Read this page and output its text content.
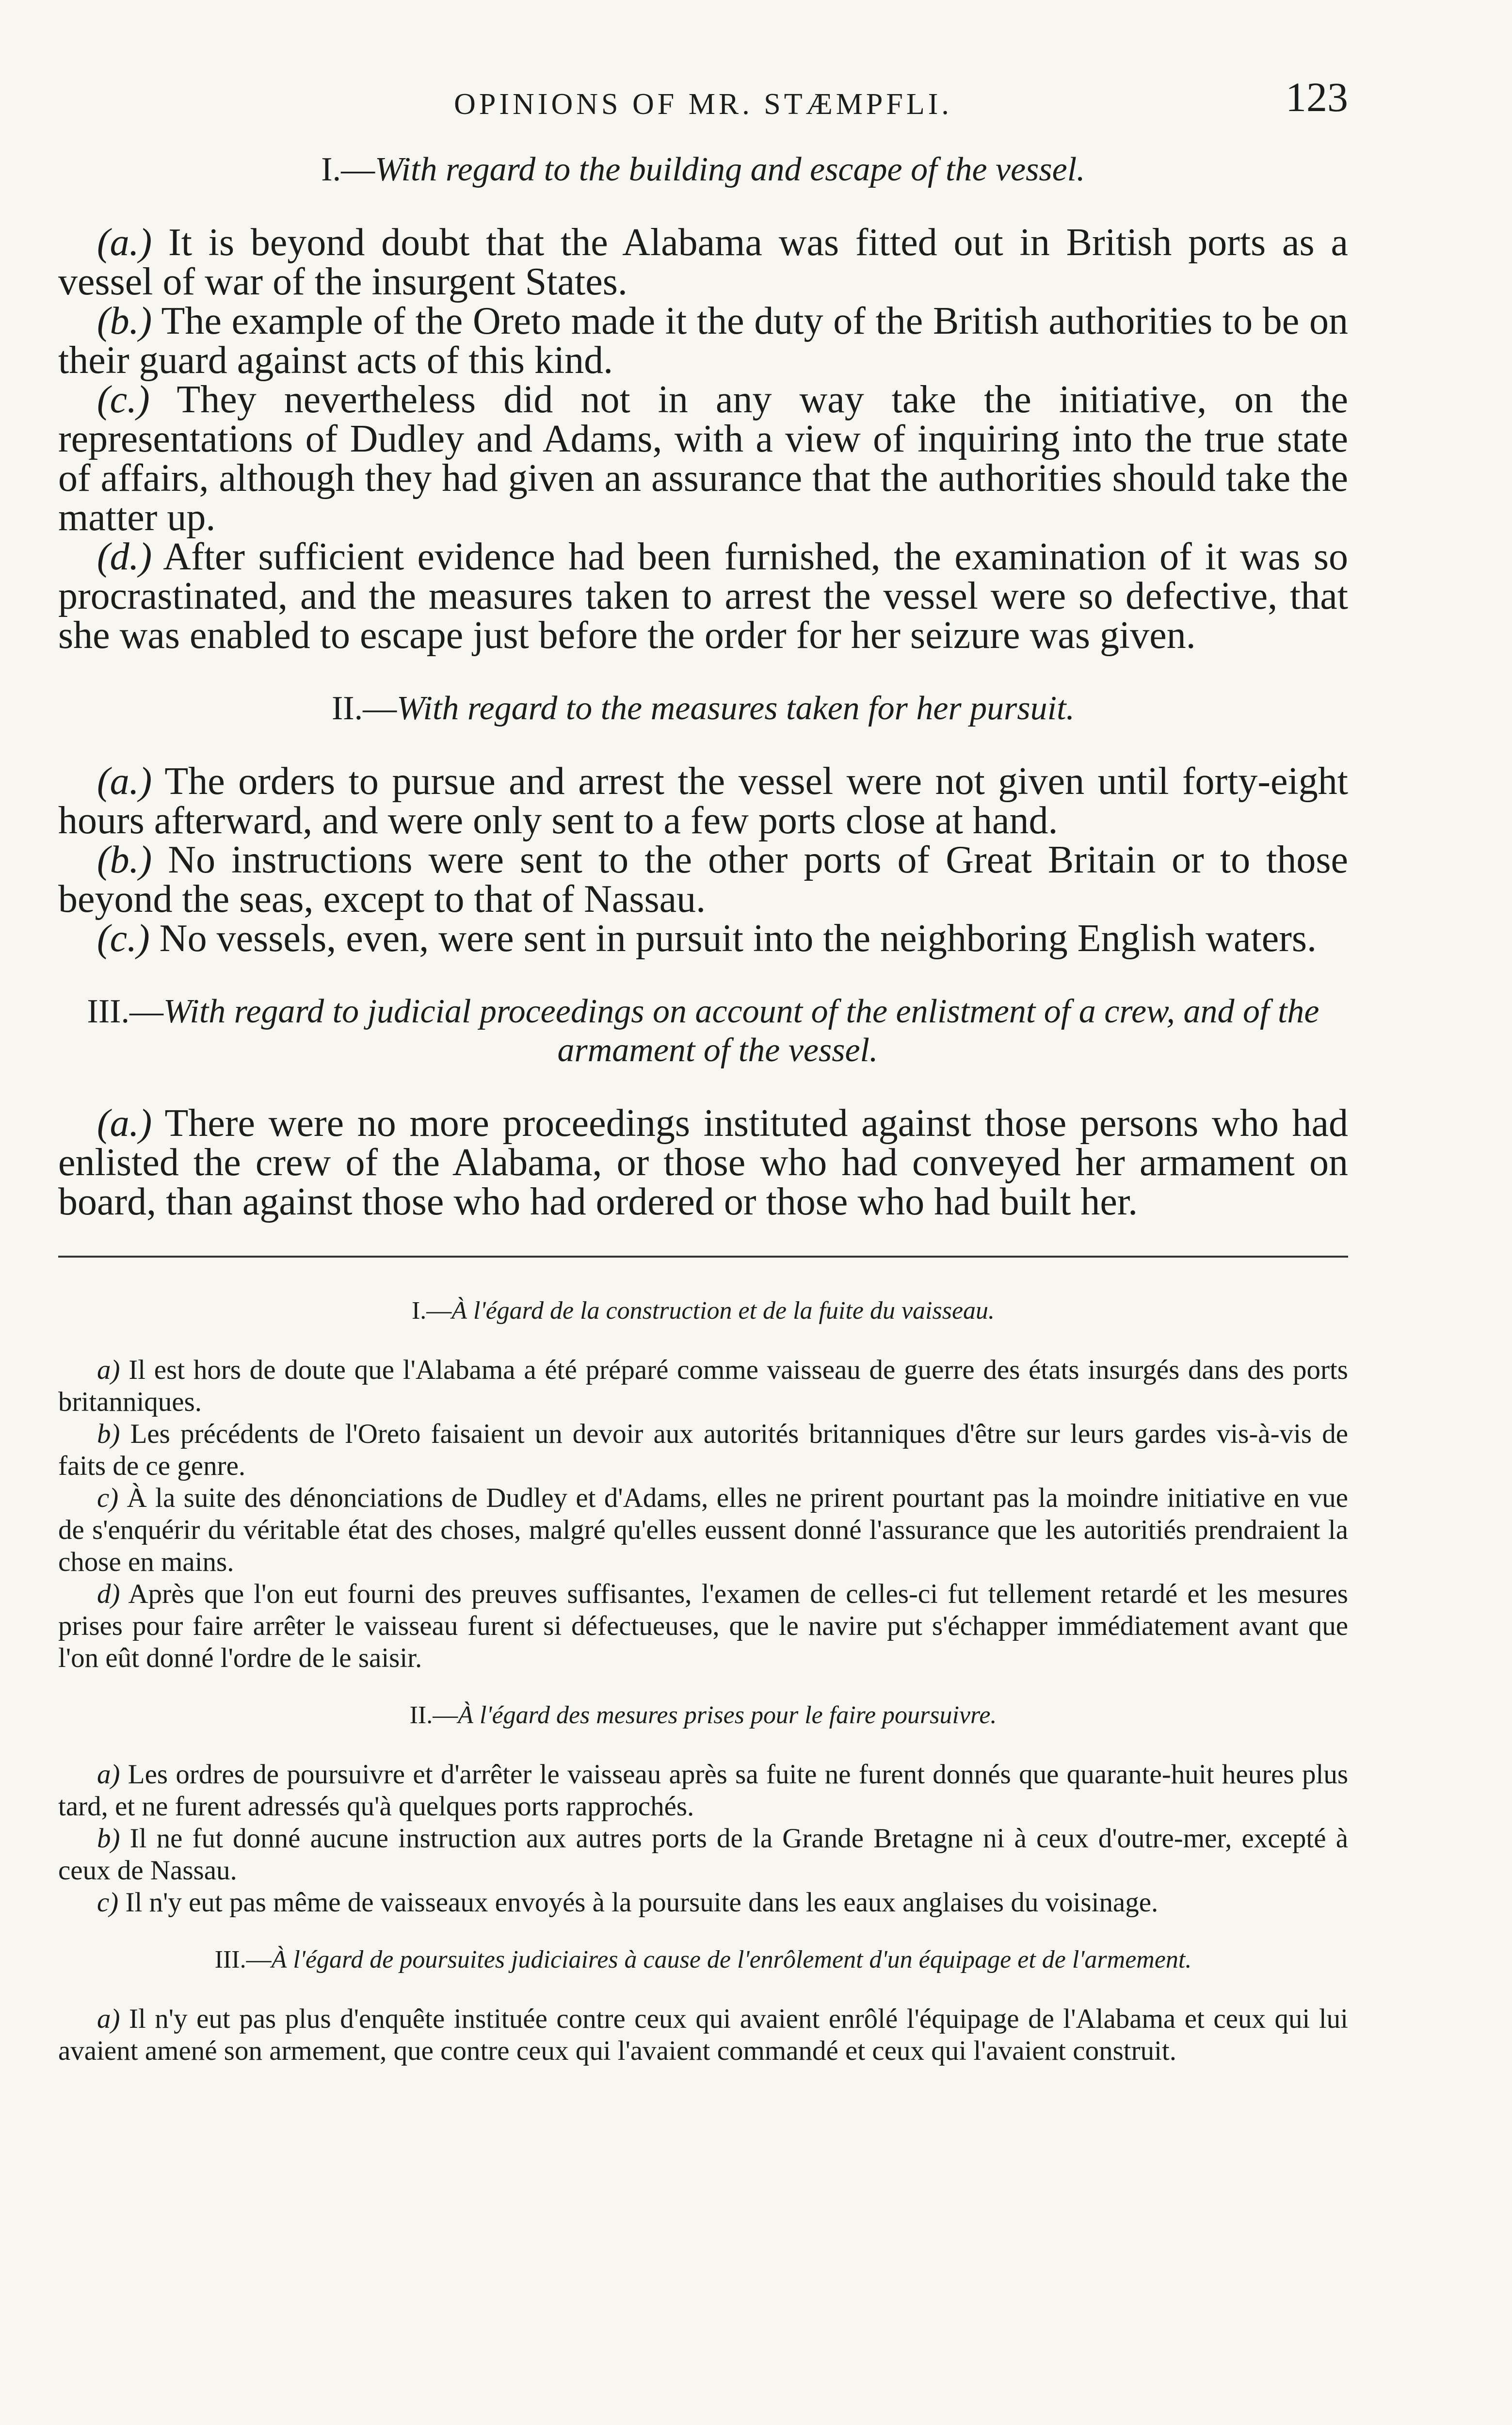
OPINIONS OF MR. STÆMPFLI.	123
I.—With regard to the building and escape of the vessel.

(a.) It is beyond doubt that the Alabama was fitted out in British ports as a vessel of war of the insurgent States.

(b.) The example of the Oreto made it the duty of the British authorities to be on their guard against acts of this kind.

(c.) They nevertheless did not in any way take the initiative, on the representations of Dudley and Adams, with a view of inquiring into the true state of affairs, although they had given an assurance that the authorities should take the matter up.

(d.) After sufficient evidence had been furnished, the examination of it was so procrastinated, and the measures taken to arrest the vessel were so defective, that she was enabled to escape just before the order for her seizure was given.

II.—With regard to the measures taken for her pursuit.

(a.) The orders to pursue and arrest the vessel were not given until forty-eight hours afterward, and were only sent to a few ports close at hand.

(b.) No instructions were sent to the other ports of Great Britain or to those beyond the seas, except to that of Nassau.

(c.) No vessels, even, were sent in pursuit into the neighboring English waters.

III.—With regard to judicial proceedings on account of the enlistment of a crew, and of the armament of the vessel.

(a.) There were no more proceedings instituted against those persons who had enlisted the crew of the Alabama, or those who had conveyed her armament on board, than against those who had ordered or those who had built her.

I.—À l'égard de la construction et de la fuite du vaisseau.

a) Il est hors de doute que l'Alabama a été préparé comme vaisseau de guerre des états insurgés dans des ports britanniques.

b) Les précédents de l'Oreto faisaient un devoir aux autorités britanniques d'être sur leurs gardes vis-à-vis de faits de ce genre.

c) À la suite des dénonciations de Dudley et d'Adams, elles ne prirent pourtant pas la moindre initiative en vue de s'enquérir du véritable état des choses, malgré qu'elles eussent donné l'assurance que les autoritiés prendraient la chose en mains.

d) Après que l'on eut fourni des preuves suffisantes, l'examen de celles-ci fut tellement retardé et les mesures prises pour faire arrêter le vaisseau furent si défectueuses, que le navire put s'échapper immédiatement avant que l'on eût donné l'ordre de le saisir.

II.—À l'égard des mesures prises pour le faire poursuivre.

a) Les ordres de poursuivre et d'arrêter le vaisseau après sa fuite ne furent donnés que quarante-huit heures plus tard, et ne furent adressés qu'à quelques ports rapprochés.

b) Il ne fut donné aucune instruction aux autres ports de la Grande Bretagne ni à ceux d'outre-mer, excepté à ceux de Nassau.

c) Il n'y eut pas même de vaisseaux envoyés à la poursuite dans les eaux anglaises du voisinage.

III.—À l'égard de poursuites judiciaires à cause de l'enrôlement d'un équipage et de l'armement.

a) Il n'y eut pas plus d'enquête instituée contre ceux qui avaient enrôlé l'équipage de l'Alabama et ceux qui lui avaient amené son armement, que contre ceux qui l'avaient commandé et ceux qui l'avaient construit.
